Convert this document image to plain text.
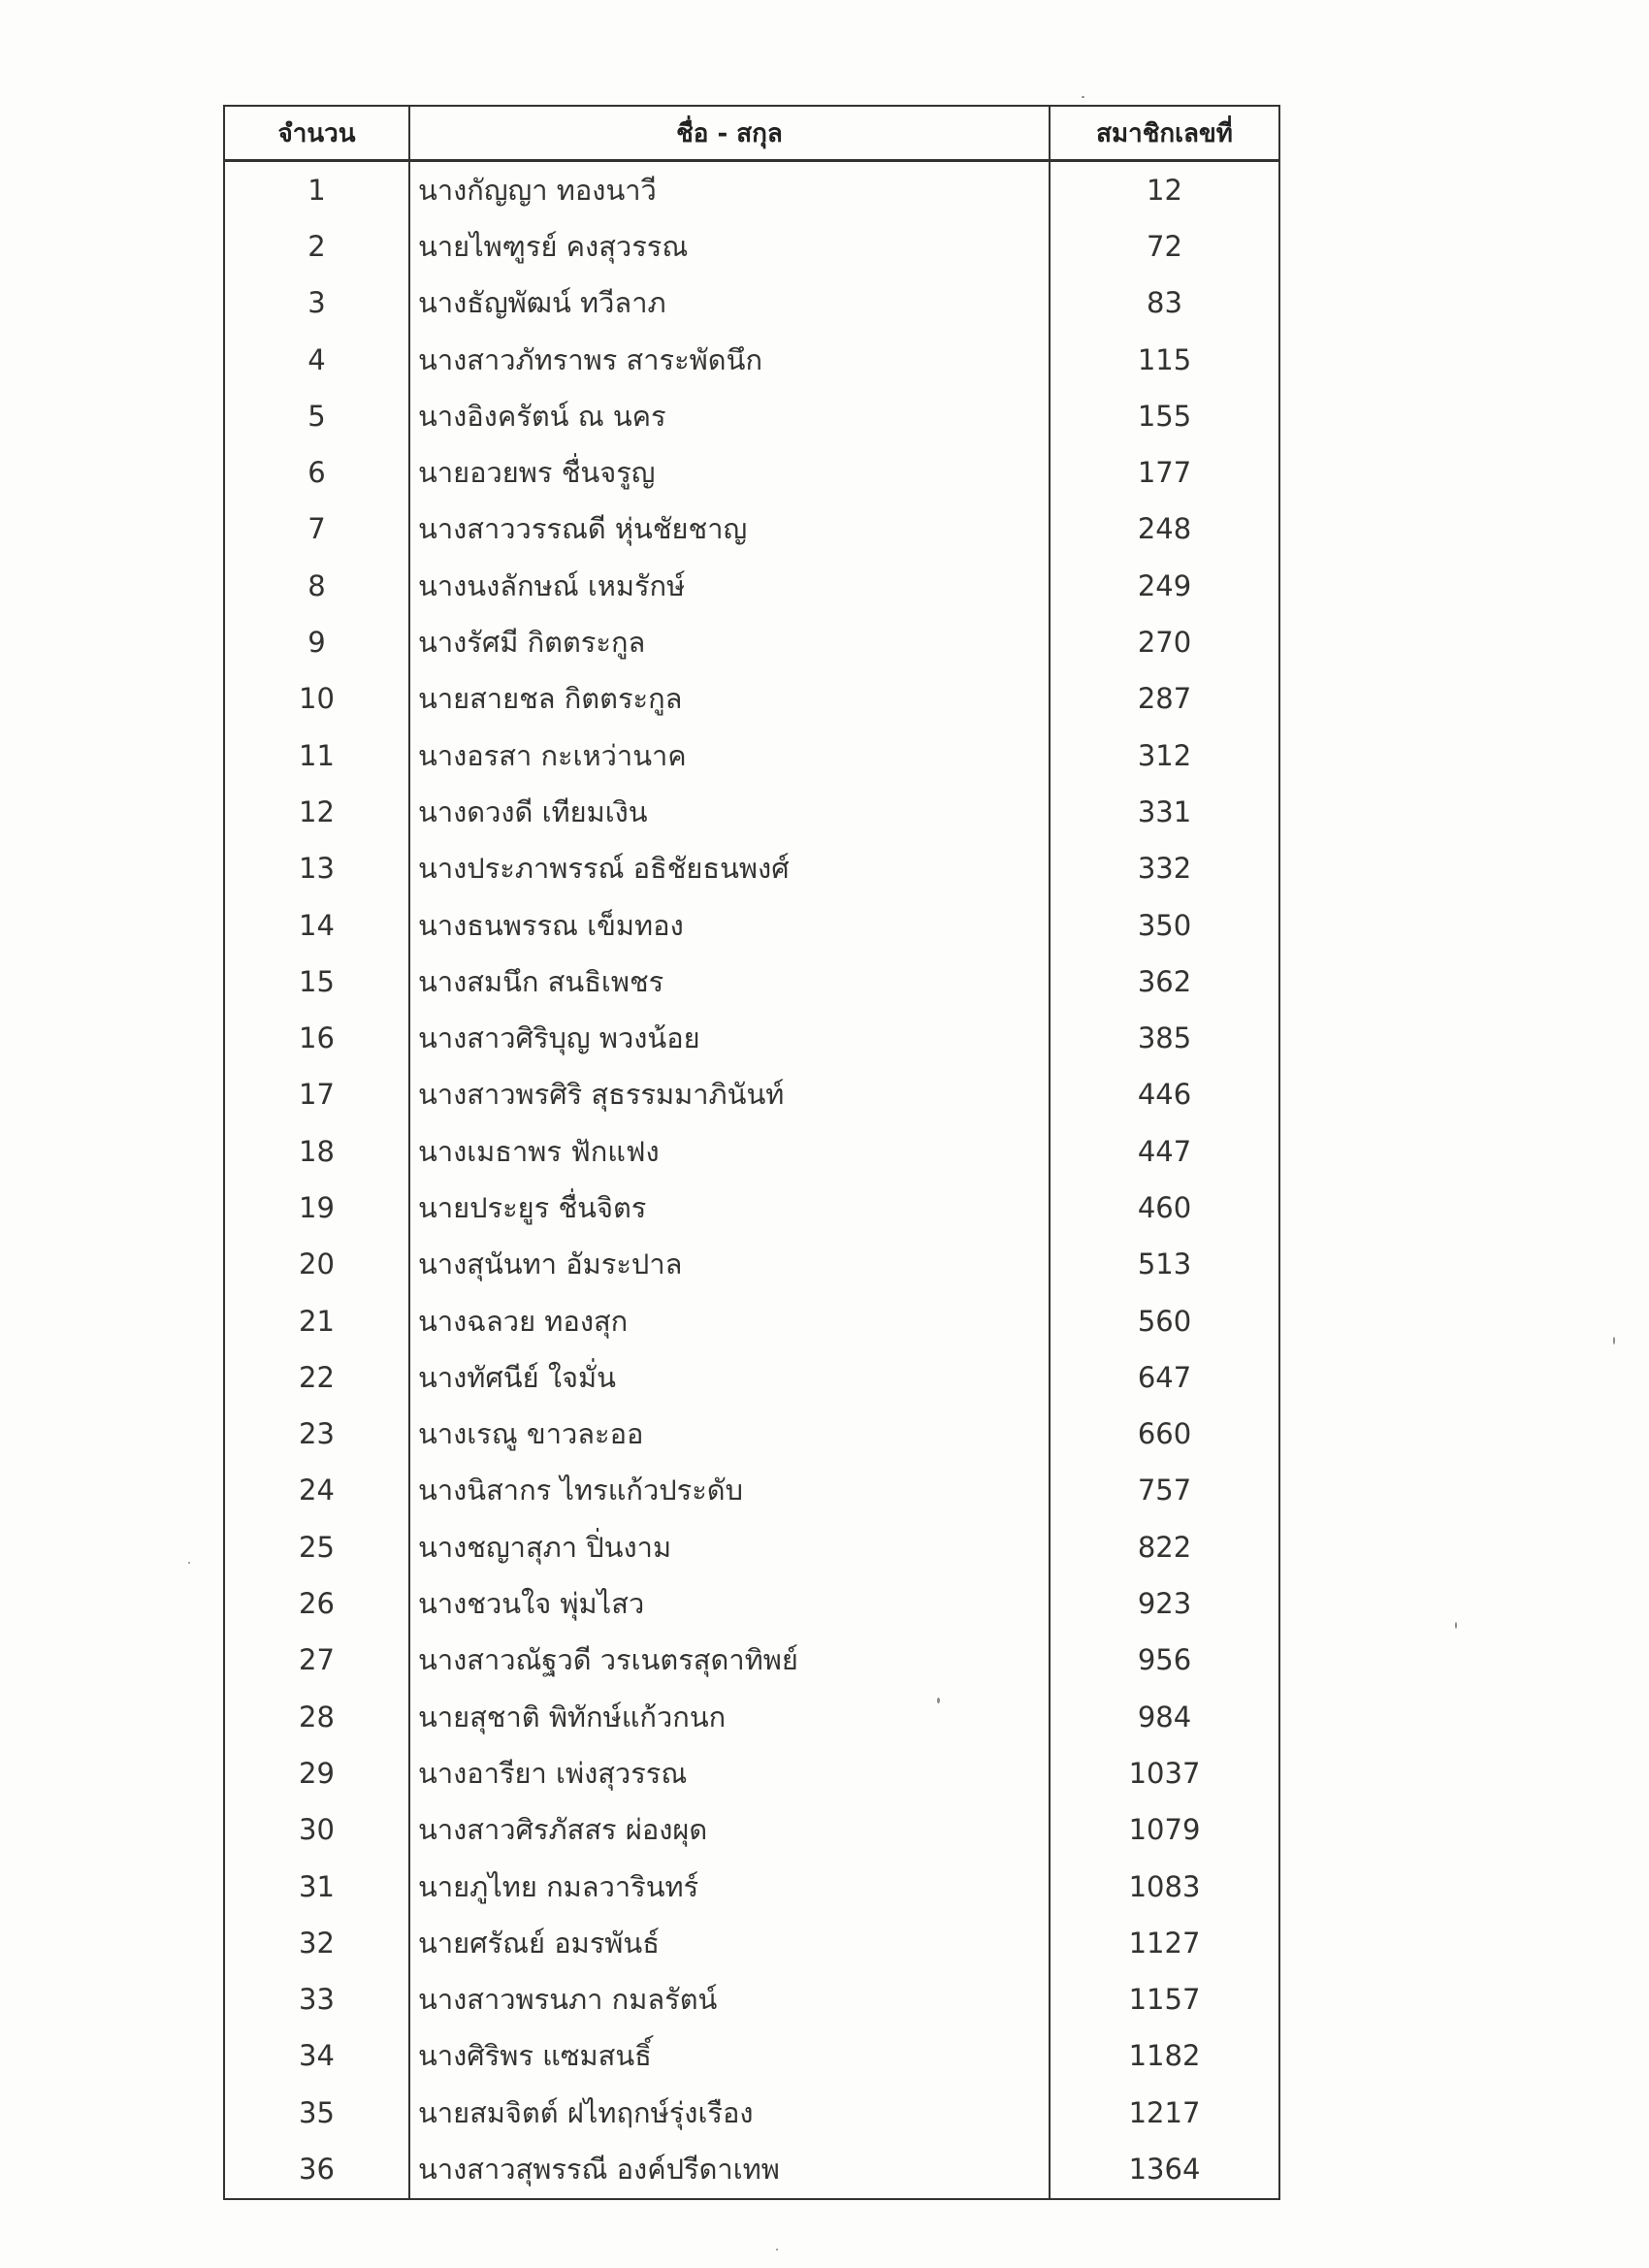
จำนวน	ชื่อ - สกุล	สมาชิกเลขที่
1	นางกัญญา ทองนาวี	12
2	นายไพฑูรย์ คงสุวรรณ	72
3	นางธัญพัฒน์ ทวีลาภ	83
4	นางสาวภัทราพร สาระพัดนึก	115
5	นางอิงครัตน์ ณ นคร	155
6	นายอวยพร ชื่นจรูญ	177
7	นางสาววรรณดี หุ่นชัยชาญ	248
8	นางนงลักษณ์ เหมรักษ์	249
9	นางรัศมี กิตตระกูล	270
10	นายสายชล กิตตระกูล	287
11	นางอรสา กะเหว่านาค	312
12	นางดวงดี เทียมเงิน	331
13	นางประภาพรรณ์ อธิชัยธนพงศ์	332
14	นางธนพรรณ เข็มทอง	350
15	นางสมนึก สนธิเพชร	362
16	นางสาวศิริบุญ พวงน้อย	385
17	นางสาวพรศิริ สุธรรมมาภินันท์	446
18	นางเมธาพร ฟักแฟง	447
19	นายประยูร ชื่นจิตร	460
20	นางสุนันทา อัมระปาล	513
21	นางฉลวย ทองสุก	560
22	นางทัศนีย์ ใจมั่น	647
23	นางเรณู ขาวละออ	660
24	นางนิสากร ไทรแก้วประดับ	757
25	นางชญาสุภา ปิ่นงาม	822
26	นางชวนใจ พุ่มไสว	923
27	นางสาวณัฐวดี วรเนตรสุดาทิพย์	956
28	นายสุชาติ พิทักษ์แก้วกนก	984
29	นางอารียา เพ่งสุวรรณ	1037
30	นางสาวศิรภัสสร ผ่องผุด	1079
31	นายภูไทย กมลวารินทร์	1083
32	นายศรัณย์ อมรพันธ์	1127
33	นางสาวพรนภา กมลรัตน์	1157
34	นางศิริพร แซมสนธิ์	1182
35	นายสมจิตต์ ฝไทฤกษ์รุ่งเรือง	1217
36	นางสาวสุพรรณี องค์ปรีดาเทพ	1364
